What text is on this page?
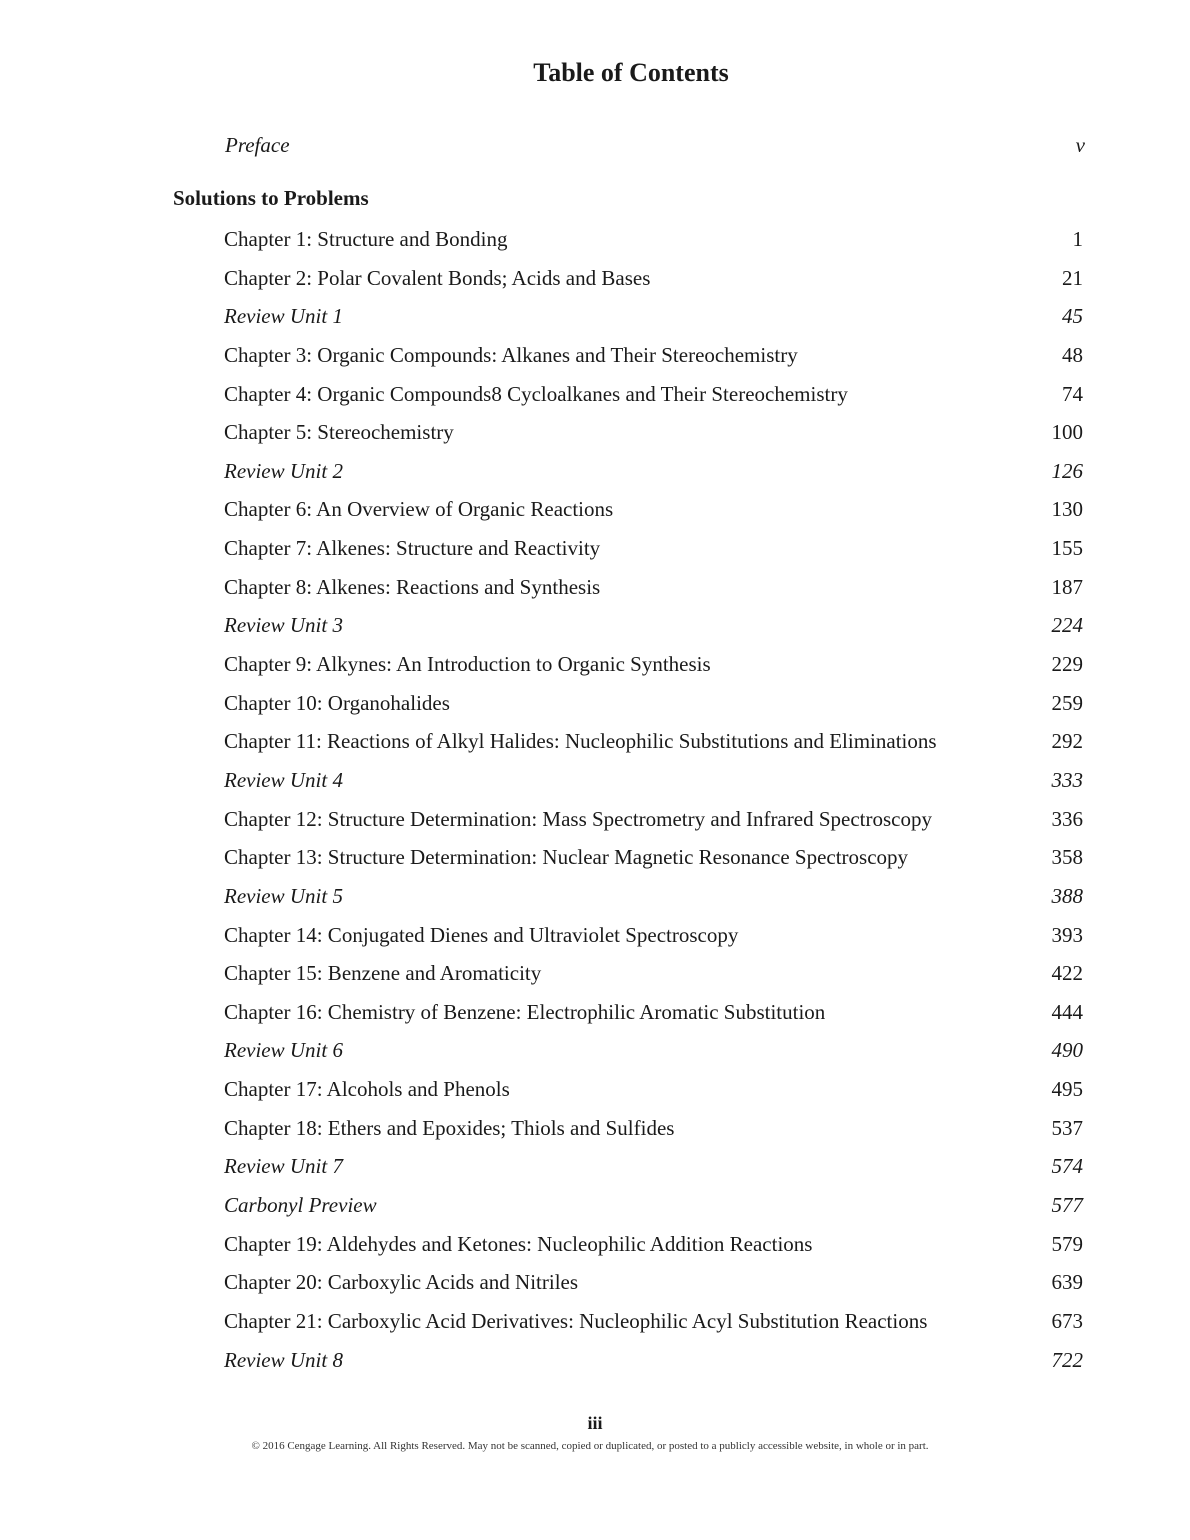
Table of Contents
Preface	v
Solutions to Problems
Chapter 1: Structure and Bonding	1
Chapter 2: Polar Covalent Bonds; Acids and Bases	21
Review Unit 1	45
Chapter 3: Organic Compounds: Alkanes and Their Stereochemistry	48
Chapter 4: Organic Compounds8 Cycloalkanes and Their Stereochemistry	74
Chapter 5: Stereochemistry	100
Review Unit 2	126
Chapter 6: An Overview of Organic Reactions	130
Chapter 7: Alkenes: Structure and Reactivity	155
Chapter 8: Alkenes: Reactions and Synthesis	187
Review Unit 3	224
Chapter 9: Alkynes: An Introduction to Organic Synthesis	229
Chapter 10: Organohalides	259
Chapter 11: Reactions of Alkyl Halides: Nucleophilic Substitutions and Eliminations	292
Review Unit 4	333
Chapter 12: Structure Determination: Mass Spectrometry and Infrared Spectroscopy	336
Chapter 13: Structure Determination: Nuclear Magnetic Resonance Spectroscopy	358
Review Unit 5	388
Chapter 14: Conjugated Dienes and Ultraviolet Spectroscopy	393
Chapter 15: Benzene and Aromaticity	422
Chapter 16: Chemistry of Benzene: Electrophilic Aromatic Substitution	444
Review Unit 6	490
Chapter 17: Alcohols and Phenols	495
Chapter 18: Ethers and Epoxides; Thiols and Sulfides	537
Review Unit 7	574
Carbonyl Preview	577
Chapter 19: Aldehydes and Ketones: Nucleophilic Addition Reactions	579
Chapter 20: Carboxylic Acids and Nitriles	639
Chapter 21: Carboxylic Acid Derivatives: Nucleophilic Acyl Substitution Reactions	673
Review Unit 8	722
iii
© 2016 Cengage Learning. All Rights Reserved. May not be scanned, copied or duplicated, or posted to a publicly accessible website, in whole or in part.
